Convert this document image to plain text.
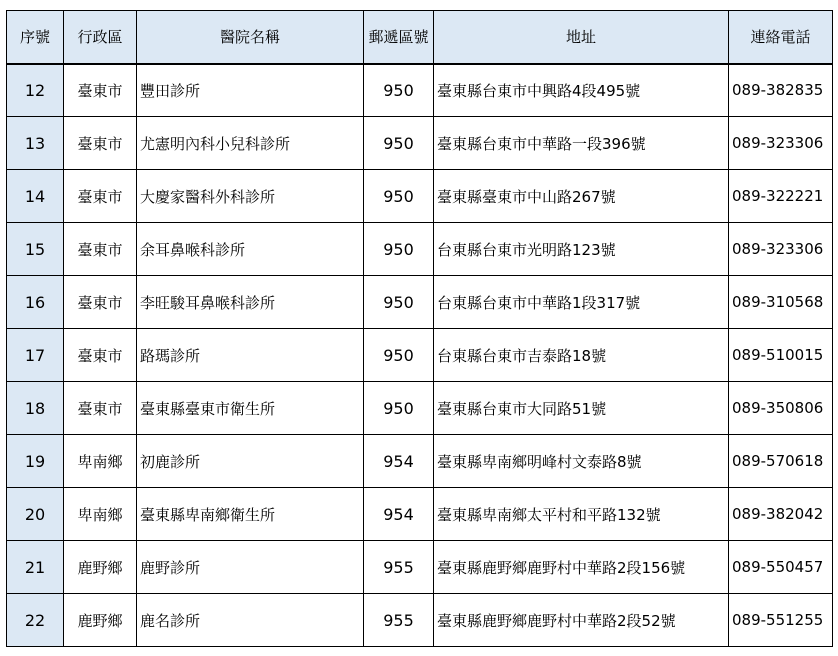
序號	行政區	醫院名稱	郵遞區號	地址	連絡電話
12	臺東市	豐田診所	950	臺東縣台東市中興路4段495號	089-382835
13	臺東市	尤憲明內科小兒科診所	950	臺東縣台東市中華路一段396號	089-323306
14	臺東市	大慶家醫科外科診所	950	臺東縣臺東市中山路267號	089-322221
15	臺東市	余耳鼻喉科診所	950	台東縣台東市光明路123號	089-323306
16	臺東市	李旺駿耳鼻喉科診所	950	台東縣台東市中華路1段317號	089-310568
17	臺東市	路瑪診所	950	台東縣台東市吉泰路18號	089-510015
18	臺東市	臺東縣臺東市衛生所	950	臺東縣台東市大同路51號	089-350806
19	卑南鄉	初鹿診所	954	臺東縣卑南鄉明峰村文泰路8號	089-570618
20	卑南鄉	臺東縣卑南鄉衛生所	954	臺東縣卑南鄉太平村和平路132號	089-382042
21	鹿野鄉	鹿野診所	955	臺東縣鹿野鄉鹿野村中華路2段156號	089-550457
22	鹿野鄉	鹿名診所	955	臺東縣鹿野鄉鹿野村中華路2段52號	089-551255
